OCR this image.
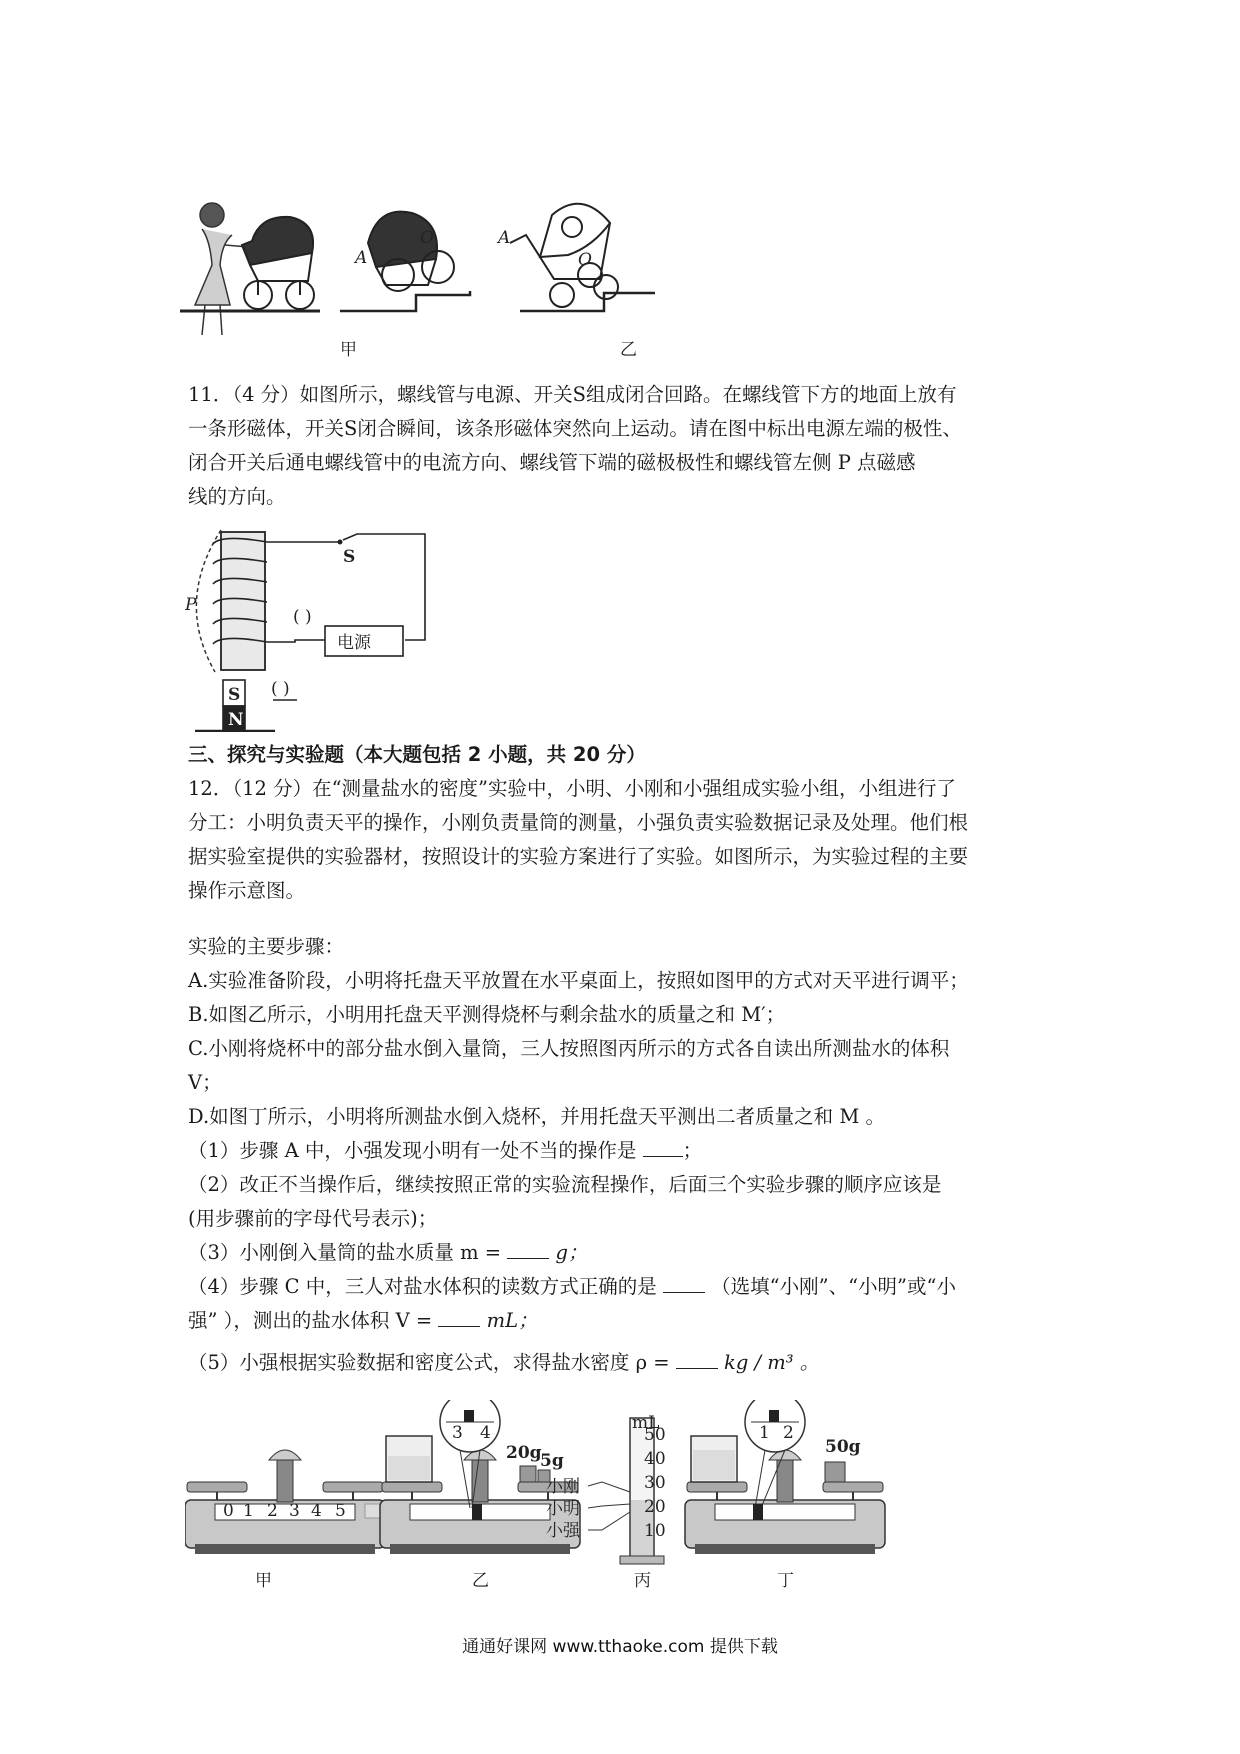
A
O	A
O
甲	乙
11．（4 分）如图所示，螺线管与电源、开关S组成闭合回路。在螺线管下方的地面上放有
一条形磁体，开关S闭合瞬间，该条形磁体突然向上运动。请在图中标出电源左端的极性、
闭合开关后通电螺线管中的电流方向、螺线管下端的磁极极性和螺线管左侧 P 点磁感
线的方向。
S
P
电源
( )
( )
S
N
三、探究与实验题（本大题包括 2 小题，共 20 分）
12．（12 分）在“测量盐水的密度”实验中，小明、小刚和小强组成实验小组，小组进行了
分工：小明负责天平的操作，小刚负责量筒的测量，小强负责实验数据记录及处理。他们根
据实验室提供的实验器材，按照设计的实验方案进行了实验。如图所示，为实验过程的主要
操作示意图。
实验的主要步骤：
A.实验准备阶段，小明将托盘天平放置在水平桌面上，按照如图甲的方式对天平进行调平；
B.如图乙所示，小明用托盘天平测得烧杯与剩余盐水的质量之和 M′；
C.小刚将烧杯中的部分盐水倒入量筒，三人按照图丙所示的方式各自读出所测盐水的体积
V；
D.如图丁所示，小明将所测盐水倒入烧杯，并用托盘天平测出二者质量之和 M 。
（1）步骤 A 中，小强发现小明有一处不当的操作是 ；
（2）改正不当操作后，继续按照正常的实验流程操作，后面三个实验步骤的顺序应该是
(用步骤前的字母代号表示)；
（3）小刚倒入量筒的盐水质量 m =	g；
（4）步骤 C 中，三人对盐水体积的读数方式正确的是	（选填“小刚”、“小明”或“小
强” ），测出的盐水体积 V =	mL；
（5）小强根据实验数据和密度公式，求得盐水密度 ρ =	kg / m³ 。
0 1 2 3 4 5
甲
3 4
20g
5g
乙
mL
50
40
30
20
10
小刚
小明
小强
丙
1 2
50g
丁
通通好课网 www.tthaoke.com 提供下载
